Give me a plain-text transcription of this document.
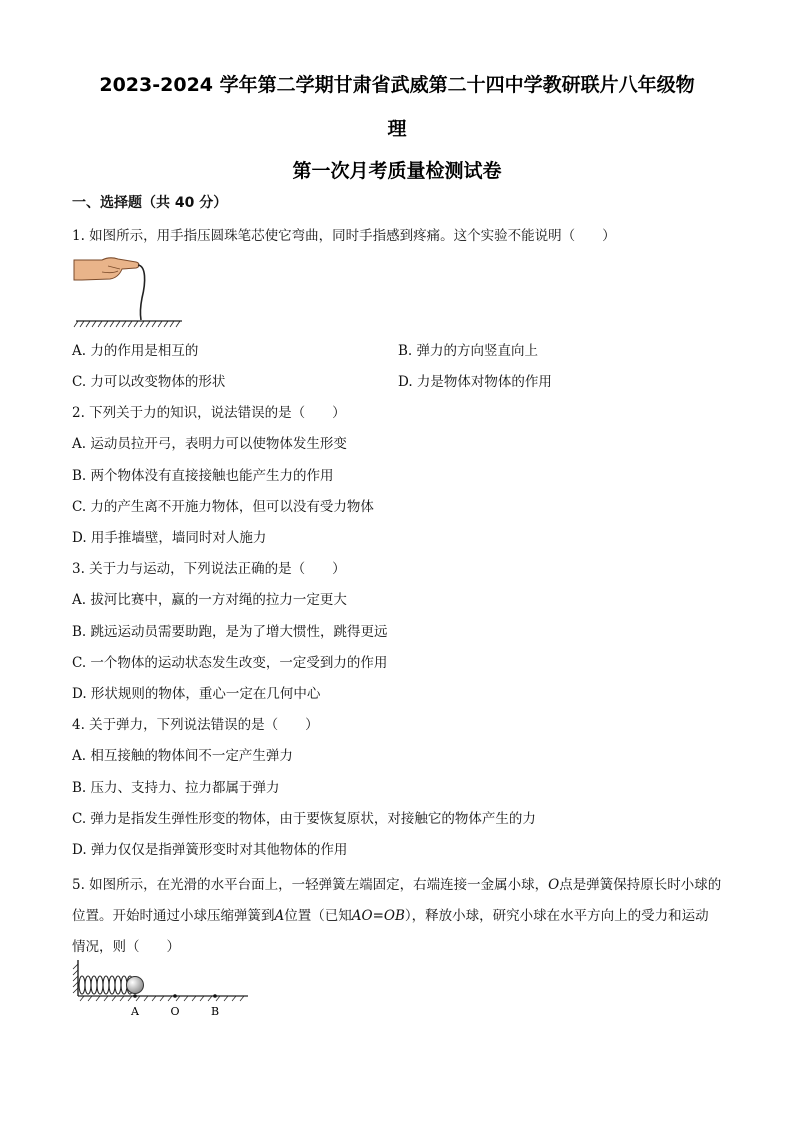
2023-2024 学年第二学期甘肃省武威第二十四中学教研联片八年级物
理
第一次月考质量检测试卷
一、选择题（共 40 分）
1. 如图所示，用手指压圆珠笔芯使它弯曲，同时手指感到疼痛。这个实验不能说明（　　）
A. 力的作用是相互的	B. 弹力的方向竖直向上
C. 力可以改变物体的形状	D. 力是物体对物体的作用
2. 下列关于力的知识，说法错误的是（　　）
A. 运动员拉开弓，表明力可以使物体发生形变
B. 两个物体没有直接接触也能产生力的作用
C. 力的产生离不开施力物体，但可以没有受力物体
D. 用手推墙壁，墙同时对人施力
3. 关于力与运动，下列说法正确的是（　　）
A. 拔河比赛中，赢的一方对绳的拉力一定更大
B. 跳远运动员需要助跑，是为了增大惯性，跳得更远
C. 一个物体的运动状态发生改变，一定受到力的作用
D. 形状规则的物体，重心一定在几何中心
4. 关于弹力，下列说法错误的是（　　）
A. 相互接触的物体间不一定产生弹力
B. 压力、支持力、拉力都属于弹力
C. 弹力是指发生弹性形变的物体，由于要恢复原状，对接触它的物体产生的力
D. 弹力仅仅是指弹簧形变时对其他物体的作用
5. 如图所示，在光滑的水平台面上，一轻弹簧左端固定，右端连接一金属小球，O点是弹簧保持原长时小球的位置。开始时通过小球压缩弹簧到A位置（已知AO=OB），释放小球，研究小球在水平方向上的受力和运动情况，则（　　）
A	O	B
